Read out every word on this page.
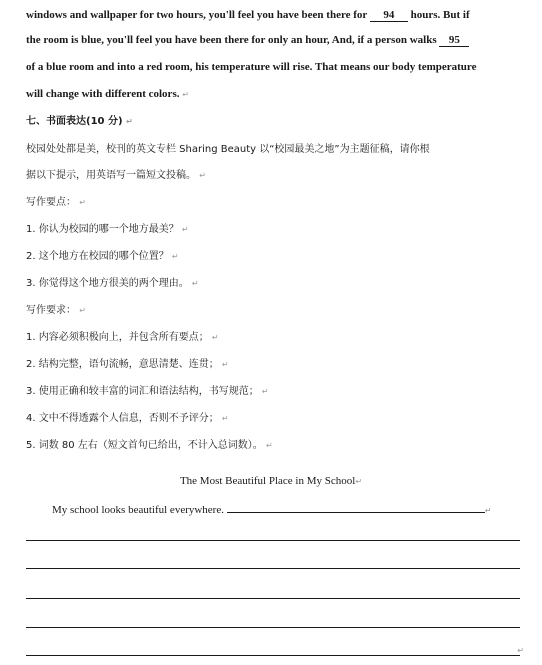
windows and wallpaper for two hours, you'll feel you have been there for 94 hours. But if
the room is blue, you'll feel you have been there for only an hour, And, if a person walks 95
of a blue room and into a red room, his temperature will rise. That means our body temperature
will change with different colors. ↵
七、书面表达(10 分) ↵
校园处处都是美，校刊的英文专栏 Sharing Beauty 以“校园最美之地”为主题征稿，请你根
据以下提示，用英语写一篇短文投稿。 ↵
写作要点： ↵
1. 你认为校园的哪一个地方最美？ ↵
2. 这个地方在校园的哪个位置？ ↵
3. 你觉得这个地方很美的两个理由。 ↵
写作要求： ↵
1. 内容必须积极向上，并包含所有要点； ↵
2. 结构完整，语句流畅，意思清楚、连贯； ↵
3. 使用正确和较丰富的词汇和语法结构，书写规范； ↵
4. 文中不得透露个人信息，否则不予评分； ↵
5. 词数 80 左右（短文首句已给出，不计入总词数）。 ↵
The Most Beautiful Place in My School↵
My school looks beautiful everywhere.	↵
↵
